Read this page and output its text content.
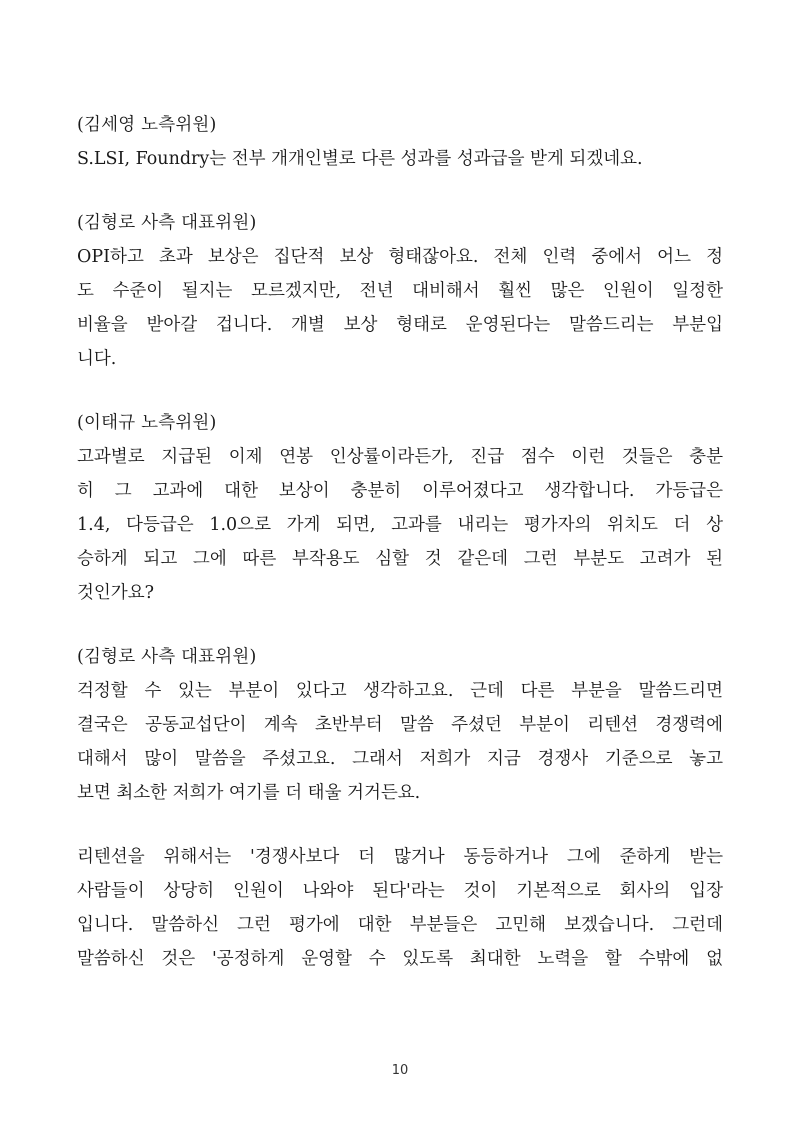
(김세영 노측위원)
S.LSI, Foundry는 전부 개개인별로 다른 성과를 성과급을 받게 되겠네요.
(김형로 사측 대표위원)
OPI하고 초과 보상은 집단적 보상 형태잖아요. 전체 인력 중에서 어느 정
도 수준이 될지는 모르겠지만, 전년 대비해서 훨씬 많은 인원이 일정한
비율을 받아갈 겁니다. 개별 보상 형태로 운영된다는 말씀드리는 부분입
니다.
(이태규 노측위원)
고과별로 지급된 이제 연봉 인상률이라든가, 진급 점수 이런 것들은 충분
히 그 고과에 대한 보상이 충분히 이루어졌다고 생각합니다. 가등급은
1.4, 다등급은 1.0으로 가게 되면, 고과를 내리는 평가자의 위치도 더 상
승하게 되고 그에 따른 부작용도 심할 것 같은데 그런 부분도 고려가 된
것인가요?
(김형로 사측 대표위원)
걱정할 수 있는 부분이 있다고 생각하고요. 근데 다른 부분을 말씀드리면
결국은 공동교섭단이 계속 초반부터 말씀 주셨던 부분이 리텐션 경쟁력에
대해서 많이 말씀을 주셨고요. 그래서 저희가 지금 경쟁사 기준으로 놓고
보면 최소한 저희가 여기를 더 태울 거거든요.
리텐션을 위해서는 '경쟁사보다 더 많거나 동등하거나 그에 준하게 받는
사람들이 상당히 인원이 나와야 된다'라는 것이 기본적으로 회사의 입장
입니다. 말씀하신 그런 평가에 대한 부분들은 고민해 보겠습니다. 그런데
말씀하신 것은 '공정하게 운영할 수 있도록 최대한 노력을 할 수밖에 없
10
